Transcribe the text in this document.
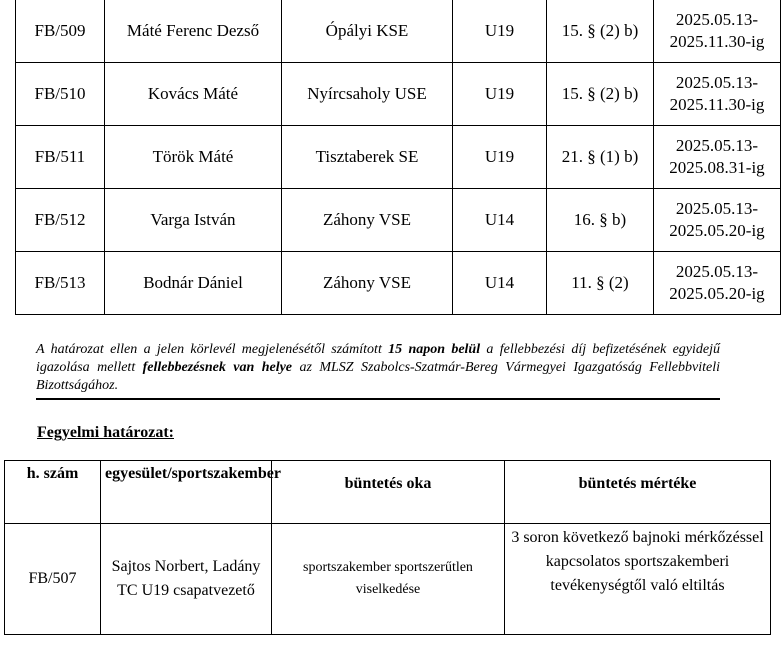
FB/509	Máté Ferenc Dezső	Ópályi KSE	U19	15. § (2) b)	2025.05.13-
2025.11.30-ig

FB/510	Kovács Máté	Nyírcsaholy USE	U19	15. § (2) b)	2025.05.13-
2025.11.30-ig

FB/511	Török Máté	Tisztaberek SE	U19	21. § (1) b)	2025.05.13-
2025.08.31-ig

FB/512	Varga István	Záhony VSE	U14	16. § b)	2025.05.13-
2025.05.20-ig

FB/513	Bodnár Dániel	Záhony VSE	U14	11. § (2)	2025.05.13-
2025.05.20-ig

A határozat ellen a jelen körlevél megjelenésétől számított 15 napon belül a fellebbezési díj befizetésének egyidejű igazolása mellett fellebbezésnek van helye az MLSZ Szabolcs-Szatmár-Bereg Vármegyei Igazgatóság Fellebbviteli Bizottságához.

Fegyelmi határozat:

h. szám	egyesület/sportszakember	büntetés oka	büntetés mértéke
FB/507	Sajtos Norbert, Ladány TC U19 csapatvezető	sportszakember sportszerűtlen viselkedése	3 soron következő bajnoki mérkőzéssel kapcsolatos sportszakemberi tevékenységtől való eltiltás
